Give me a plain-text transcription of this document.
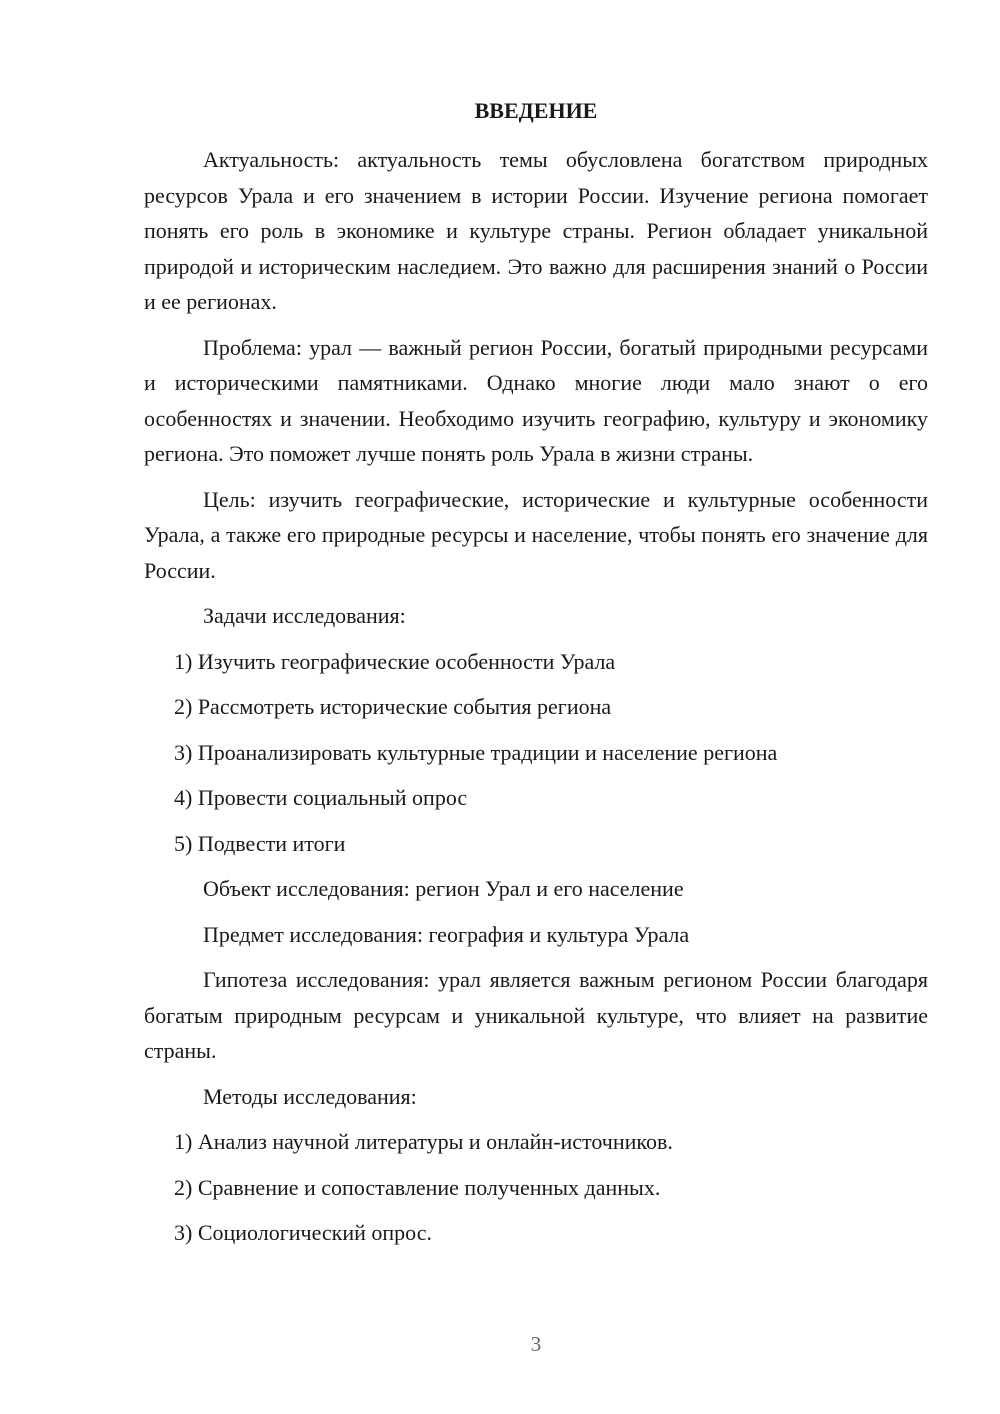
ВВЕДЕНИЕ

Актуальность: актуальность темы обусловлена богатством природных ресурсов Урала и его значением в истории России. Изучение региона помогает понять его роль в экономике и культуре страны. Регион обладает уникальной природой и историческим наследием. Это важно для расширения знаний о России и ее регионах.

Проблема: урал — важный регион России, богатый природными ресурсами и историческими памятниками. Однако многие люди мало знают о его особенностях и значении. Необходимо изучить географию, культуру и экономику региона. Это поможет лучше понять роль Урала в жизни страны.

Цель: изучить географические, исторические и культурные особенности Урала, а также его природные ресурсы и население, чтобы понять его значение для России.

Задачи исследования:

1) Изучить географические особенности Урала

2) Рассмотреть исторические события региона

3) Проанализировать культурные традиции и население региона

4) Провести социальный опрос

5) Подвести итоги

Объект исследования: регион Урал и его население

Предмет исследования: география и культура Урала

Гипотеза исследования: урал является важным регионом России благодаря богатым природным ресурсам и уникальной культуре, что влияет на развитие страны.

Методы исследования:

1) Анализ научной литературы и онлайн-источников.

2) Сравнение и сопоставление полученных данных.

3) Социологический опрос.

3
